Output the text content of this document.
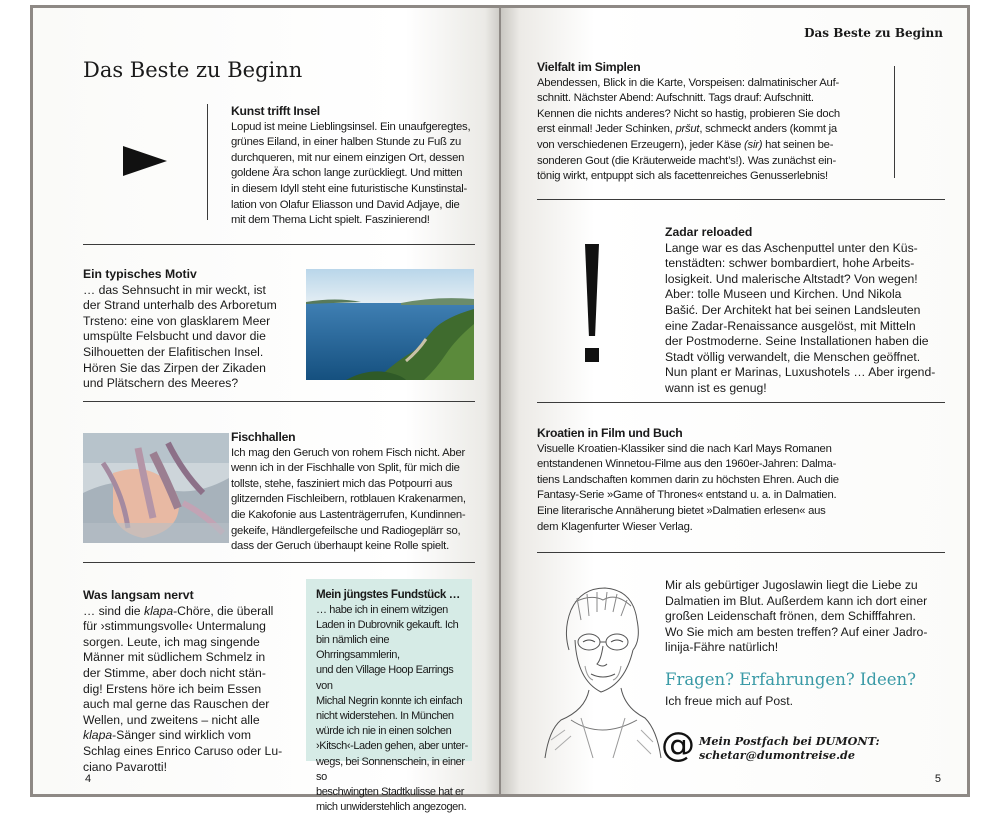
Das Beste zu Beginn
Kunst trifft Insel
Lopud ist meine Lieblingsinsel. Ein unaufgeregtes,
grünes Eiland, in einer halben Stunde zu Fuß zu
durchqueren, mit nur einem einzigen Ort, dessen
goldene Ära schon lange zurückliegt. Und mitten
in diesem Idyll steht eine futuristische Kunstinstal-
lation von Olafur Eliasson und David Adjaye, die
mit dem Thema Licht spielt. Faszinierend!
Ein typisches Motiv
… das Sehnsucht in mir weckt, ist
der Strand unterhalb des Arboretum
Trsteno: eine von glasklarem Meer
umspülte Felsbucht und davor die
Silhouetten der Elafitischen Insel.
Hören Sie das Zirpen der Zikaden
und Plätschern des Meeres?
Fischhallen
Ich mag den Geruch von rohem Fisch nicht. Aber
wenn ich in der Fischhalle von Split, für mich die
tollste, stehe, fasziniert mich das Potpourri aus
glitzernden Fischleibern, rotblauen Krakenarmen,
die Kakofonie aus Lastenträgerrufen, Kundinnen-
gekeife, Händlergefeilsche und Radiogeplärr so,
dass der Geruch überhaupt keine Rolle spielt.
Was langsam nervt
… sind die klapa-Chöre, die überall
für ›stimmungsvolle‹ Untermalung
sorgen. Leute, ich mag singende
Männer mit südlichem Schmelz in
der Stimme, aber doch nicht stän-
dig! Erstens höre ich beim Essen
auch mal gerne das Rauschen der
Wellen, und zweitens – nicht alle
klapa-Sänger sind wirklich vom
Schlag eines Enrico Caruso oder Lu-
ciano Pavarotti!
Mein jüngstes Fundstück …
… habe ich in einem witzigen
Laden in Dubrovnik gekauft. Ich
bin nämlich eine Ohrringsammlerin,
und den Village Hoop Earrings von
Michal Negrin konnte ich einfach
nicht widerstehen. In München
würde ich nie in einen solchen
›Kitsch‹-Laden gehen, aber unter-
wegs, bei Sonnenschein, in einer so
beschwingten Stadtkulisse hat er
mich unwiderstehlich angezogen.
4
Das Beste zu Beginn
Vielfalt im Simplen
Abendessen, Blick in die Karte, Vorspeisen: dalmatinischer Auf-
schnitt. Nächster Abend: Aufschnitt. Tags drauf: Aufschnitt.
Kennen die nichts anderes? Nicht so hastig, probieren Sie doch
erst einmal! Jeder Schinken, pršut, schmeckt anders (kommt ja
von verschiedenen Erzeugern), jeder Käse (sir) hat seinen be-
sonderen Gout (die Kräuterweide macht’s!). Was zunächst ein-
tönig wirkt, entpuppt sich als facettenreiches Genusserlebnis!
Zadar reloaded
Lange war es das Aschenputtel unter den Küs-
tenstädten: schwer bombardiert, hohe Arbeits-
losigkeit. Und malerische Altstadt? Von wegen!
Aber: tolle Museen und Kirchen. Und Nikola
Bašić. Der Architekt hat bei seinen Landsleuten
eine Zadar-Renaissance ausgelöst, mit Mitteln
der Postmoderne. Seine Installationen haben die
Stadt völlig verwandelt, die Menschen geöffnet.
Nun plant er Marinas, Luxushotels … Aber irgend-
wann ist es genug!
Kroatien in Film und Buch
Visuelle Kroatien-Klassiker sind die nach Karl Mays Romanen
entstandenen Winnetou-Filme aus den 1960er-Jahren: Dalma-
tiens Landschaften kommen darin zu höchsten Ehren. Auch die
Fantasy-Serie »Game of Thrones« entstand u. a. in Dalmatien.
Eine literarische Annäherung bietet »Dalmatien erlesen« aus
dem Klagenfurter Wieser Verlag.
Mir als gebürtiger Jugoslawin liegt die Liebe zu
Dalmatien im Blut. Außerdem kann ich dort einer
großen Leidenschaft frönen, dem Schifffahren.
Wo Sie mich am besten treffen? Auf einer Jadro-
linija-Fähre natürlich!
Fragen? Erfahrungen? Ideen?
Ich freue mich auf Post.
@ Mein Postfach bei DUMONT:
schetar@dumontreise.de
5
